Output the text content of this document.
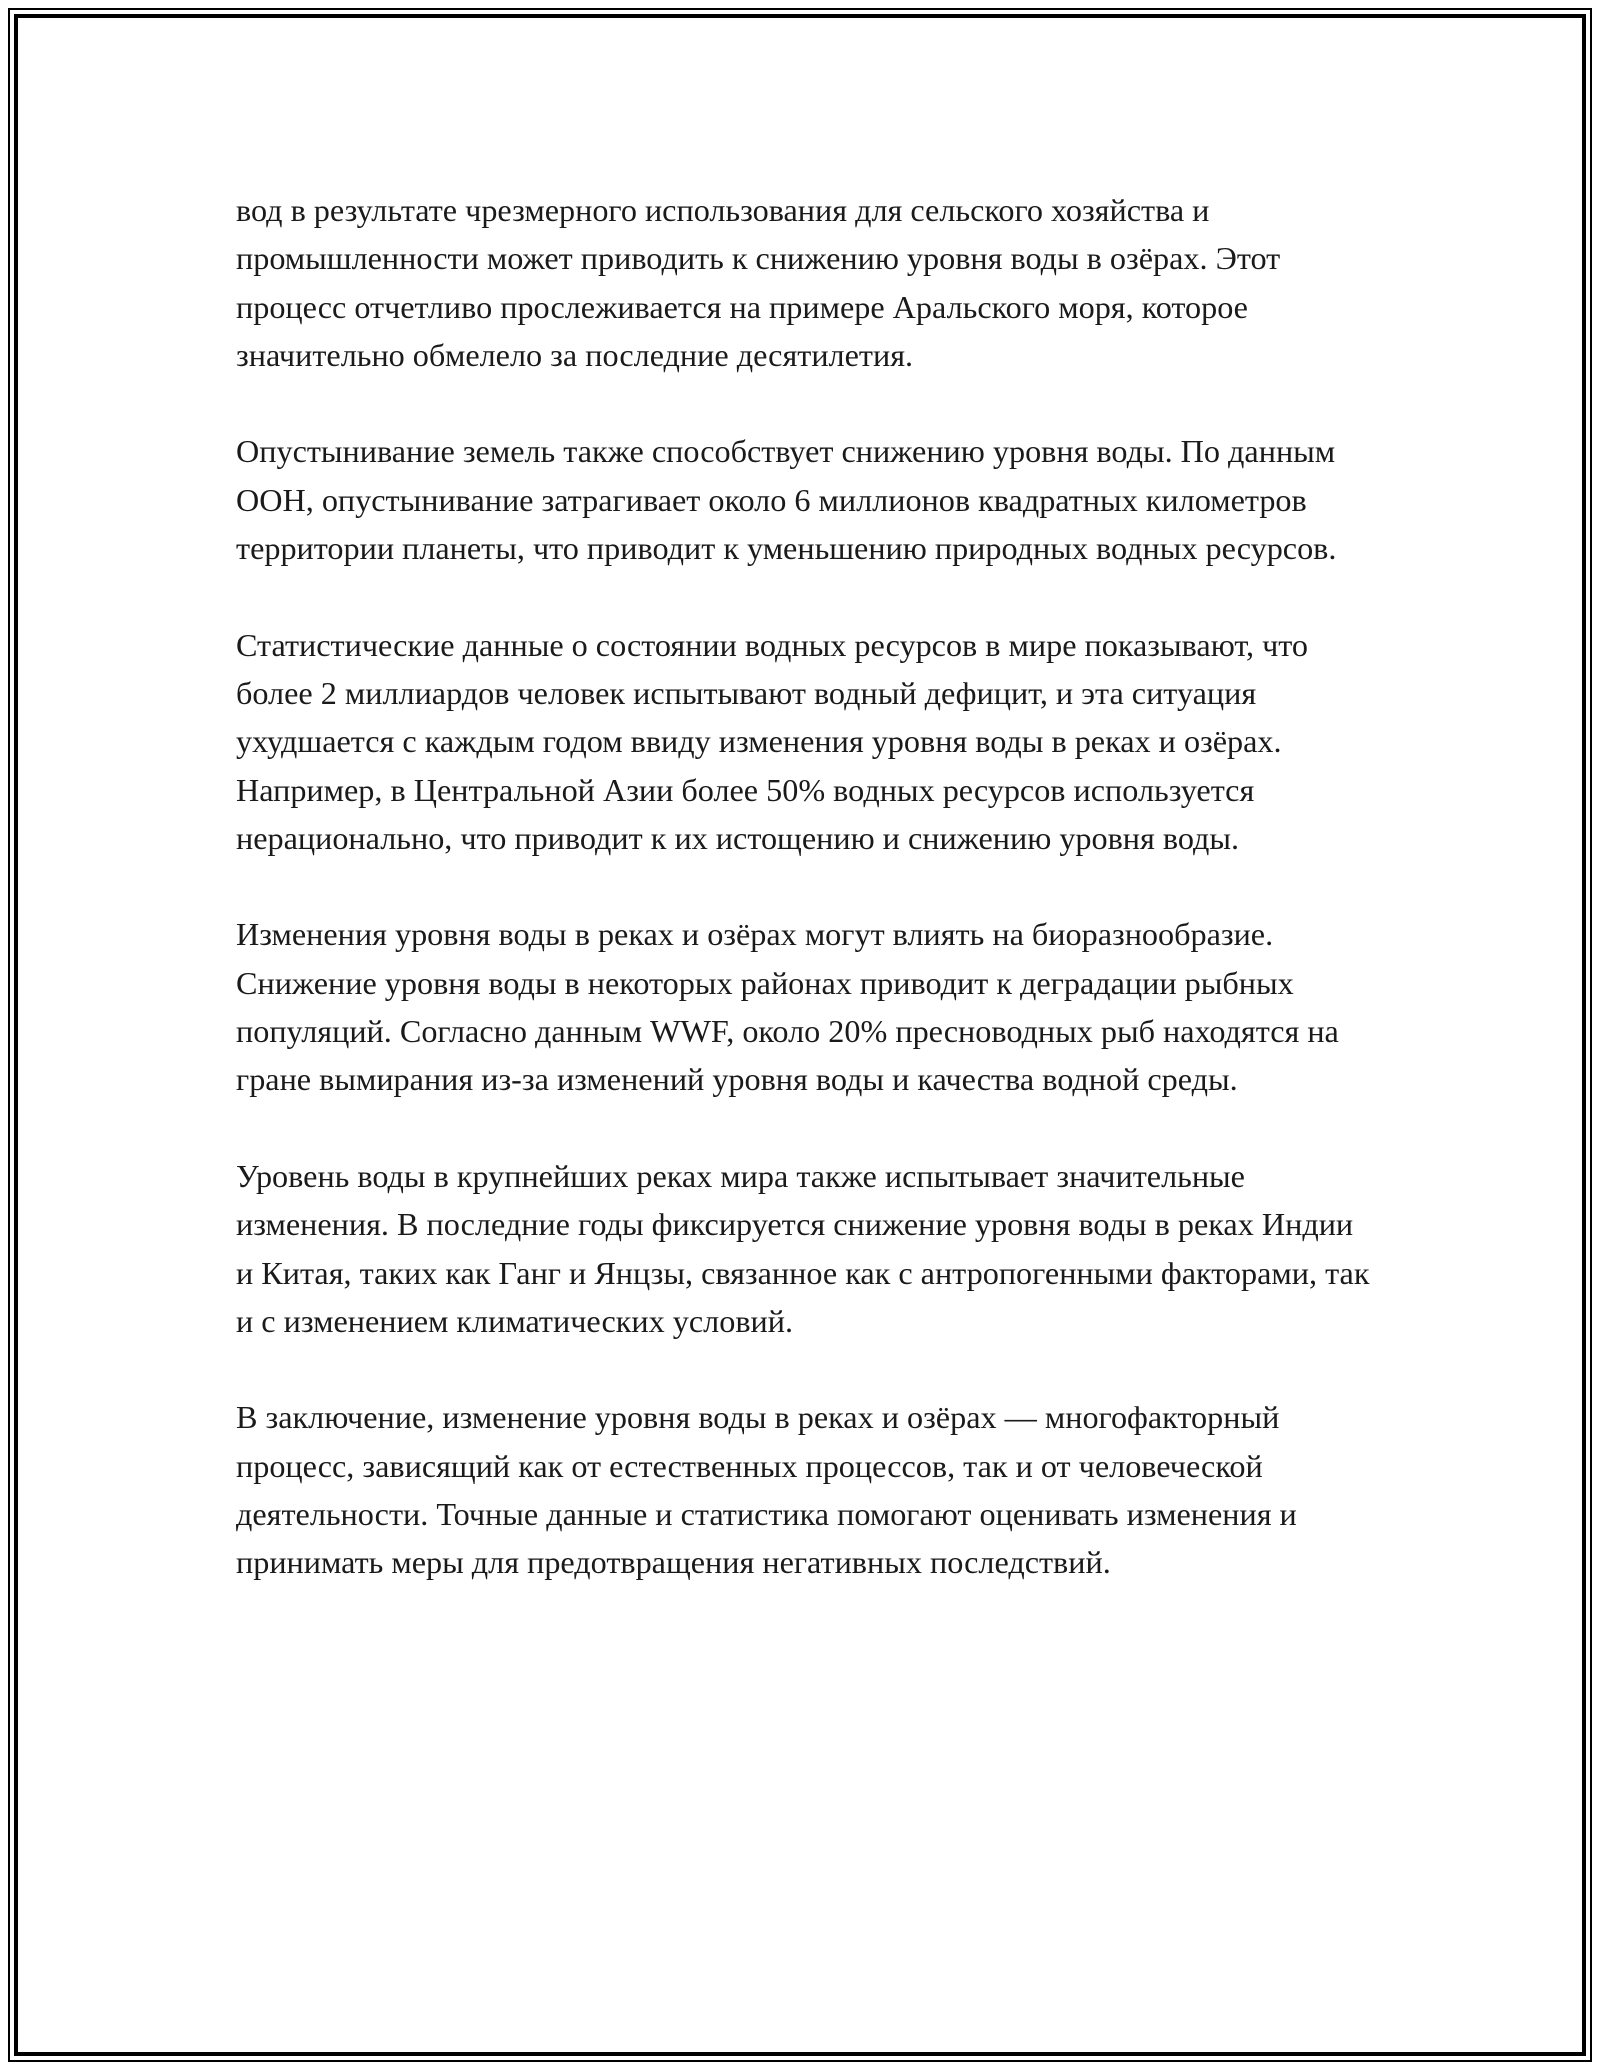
вод в результате чрезмерного использования для сельского хозяйства и промышленности может приводить к снижению уровня воды в озёрах. Этот процесс отчетливо прослеживается на примере Аральского моря, которое значительно обмелело за последние десятилетия.

Опустынивание земель также способствует снижению уровня воды. По данным ООН, опустынивание затрагивает около 6 миллионов квадратных километров территории планеты, что приводит к уменьшению природных водных ресурсов.

Статистические данные о состоянии водных ресурсов в мире показывают, что более 2 миллиардов человек испытывают водный дефицит, и эта ситуация ухудшается с каждым годом ввиду изменения уровня воды в реках и озёрах. Например, в Центральной Азии более 50% водных ресурсов используется нерационально, что приводит к их истощению и снижению уровня воды.

Изменения уровня воды в реках и озёрах могут влиять на биоразнообразие. Снижение уровня воды в некоторых районах приводит к деградации рыбных популяций. Согласно данным WWF, около 20% пресноводных рыб находятся на гране вымирания из-за изменений уровня воды и качества водной среды.

Уровень воды в крупнейших реках мира также испытывает значительные изменения. В последние годы фиксируется снижение уровня воды в реках Индии и Китая, таких как Ганг и Янцзы, связанное как с антропогенными факторами, так и с изменением климатических условий.

В заключение, изменение уровня воды в реках и озёрах — многофакторный процесс, зависящий как от естественных процессов, так и от человеческой деятельности. Точные данные и статистика помогают оценивать изменения и принимать меры для предотвращения негативных последствий.
